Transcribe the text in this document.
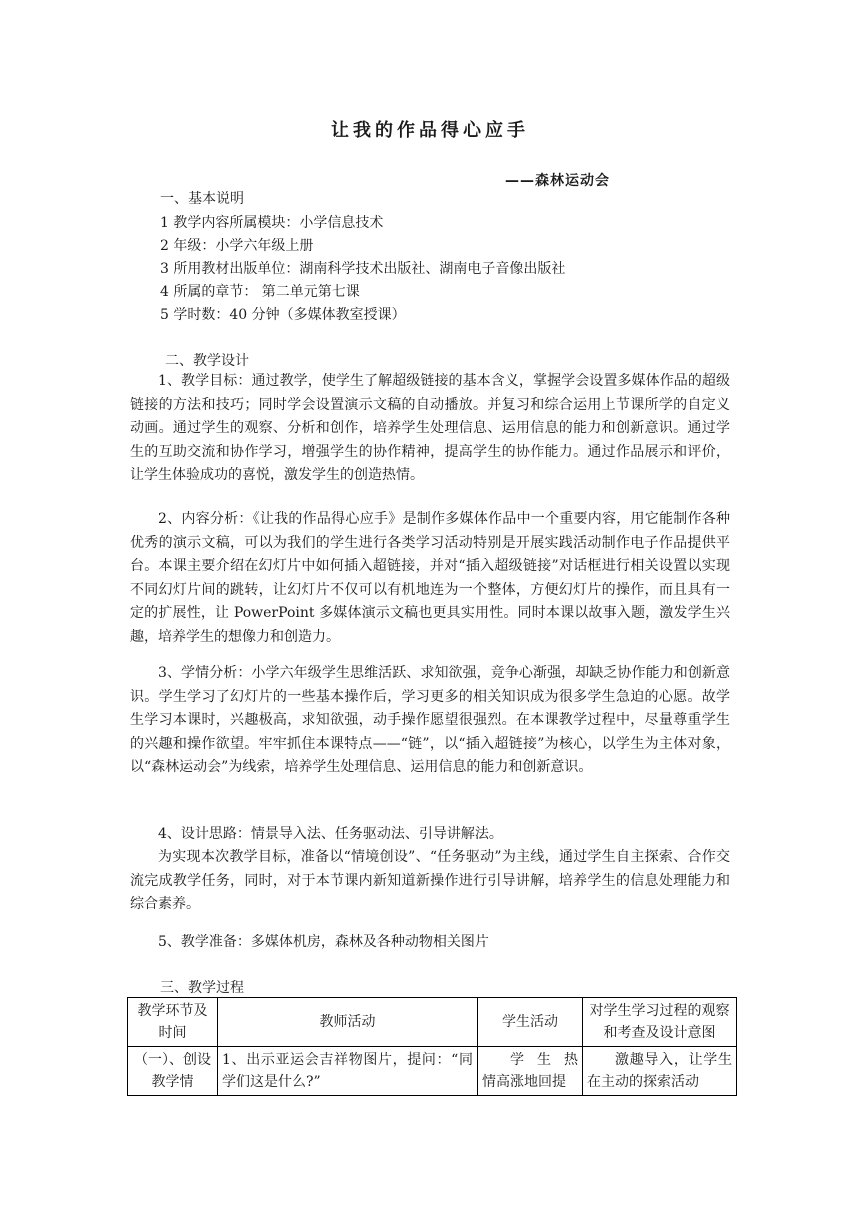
让我的作品得心应手
——森林运动会
一、基本说明
1 教学内容所属模块：小学信息技术
2 年级：小学六年级上册
3 所用教材出版单位：湖南科学技术出版社、湖南电子音像出版社
4 所属的章节： 第二单元第七课
5 学时数：40 分钟（多媒体教室授课）
二、教学设计
1、教学目标：通过教学，使学生了解超级链接的基本含义，掌握学会设置多媒体作品的超级链接的方法和技巧；同时学会设置演示文稿的自动播放。并复习和综合运用上节课所学的自定义动画。通过学生的观察、分析和创作，培养学生处理信息、运用信息的能力和创新意识。通过学生的互助交流和协作学习，增强学生的协作精神，提高学生的协作能力。通过作品展示和评价，让学生体验成功的喜悦，激发学生的创造热情。
2、内容分析：《让我的作品得心应手》是制作多媒体作品中一个重要内容，用它能制作各种优秀的演示文稿，可以为我们的学生进行各类学习活动特别是开展实践活动制作电子作品提供平台。本课主要介绍在幻灯片中如何插入超链接，并对“插入超级链接”对话框进行相关设置以实现不同幻灯片间的跳转，让幻灯片不仅可以有机地连为一个整体，方便幻灯片的操作，而且具有一定的扩展性，让 PowerPoint 多媒体演示文稿也更具实用性。同时本课以故事入题，激发学生兴趣，培养学生的想像力和创造力。
3、学情分析：小学六年级学生思维活跃、求知欲强，竞争心渐强，却缺乏协作能力和创新意识。学生学习了幻灯片的一些基本操作后，学习更多的相关知识成为很多学生急迫的心愿。故学生学习本课时，兴趣极高，求知欲强，动手操作愿望很强烈。在本课教学过程中，尽量尊重学生的兴趣和操作欲望。牢牢抓住本课特点——“链”，以“插入超链接”为核心，以学生为主体对象，以“森林运动会”为线索，培养学生处理信息、运用信息的能力和创新意识。
4、设计思路：情景导入法、任务驱动法、引导讲解法。
为实现本次教学目标，准备以“情境创设”、“任务驱动”为主线，通过学生自主探索、合作交流完成教学任务，同时，对于本节课内新知道新操作进行引导讲解，培养学生的信息处理能力和综合素养。
5、教学准备：多媒体机房，森林及各种动物相关图片
三、教学过程
教学环节及时间	教师活动	学生活动	对学生学习过程的观察和考查及设计意图
（一）、创设教学情	1、出示亚运会吉祥物图片，提问：“同学们这是什么?”	学 生 热 情高涨地回提	激趣导入，让学生在主动的探索活动
